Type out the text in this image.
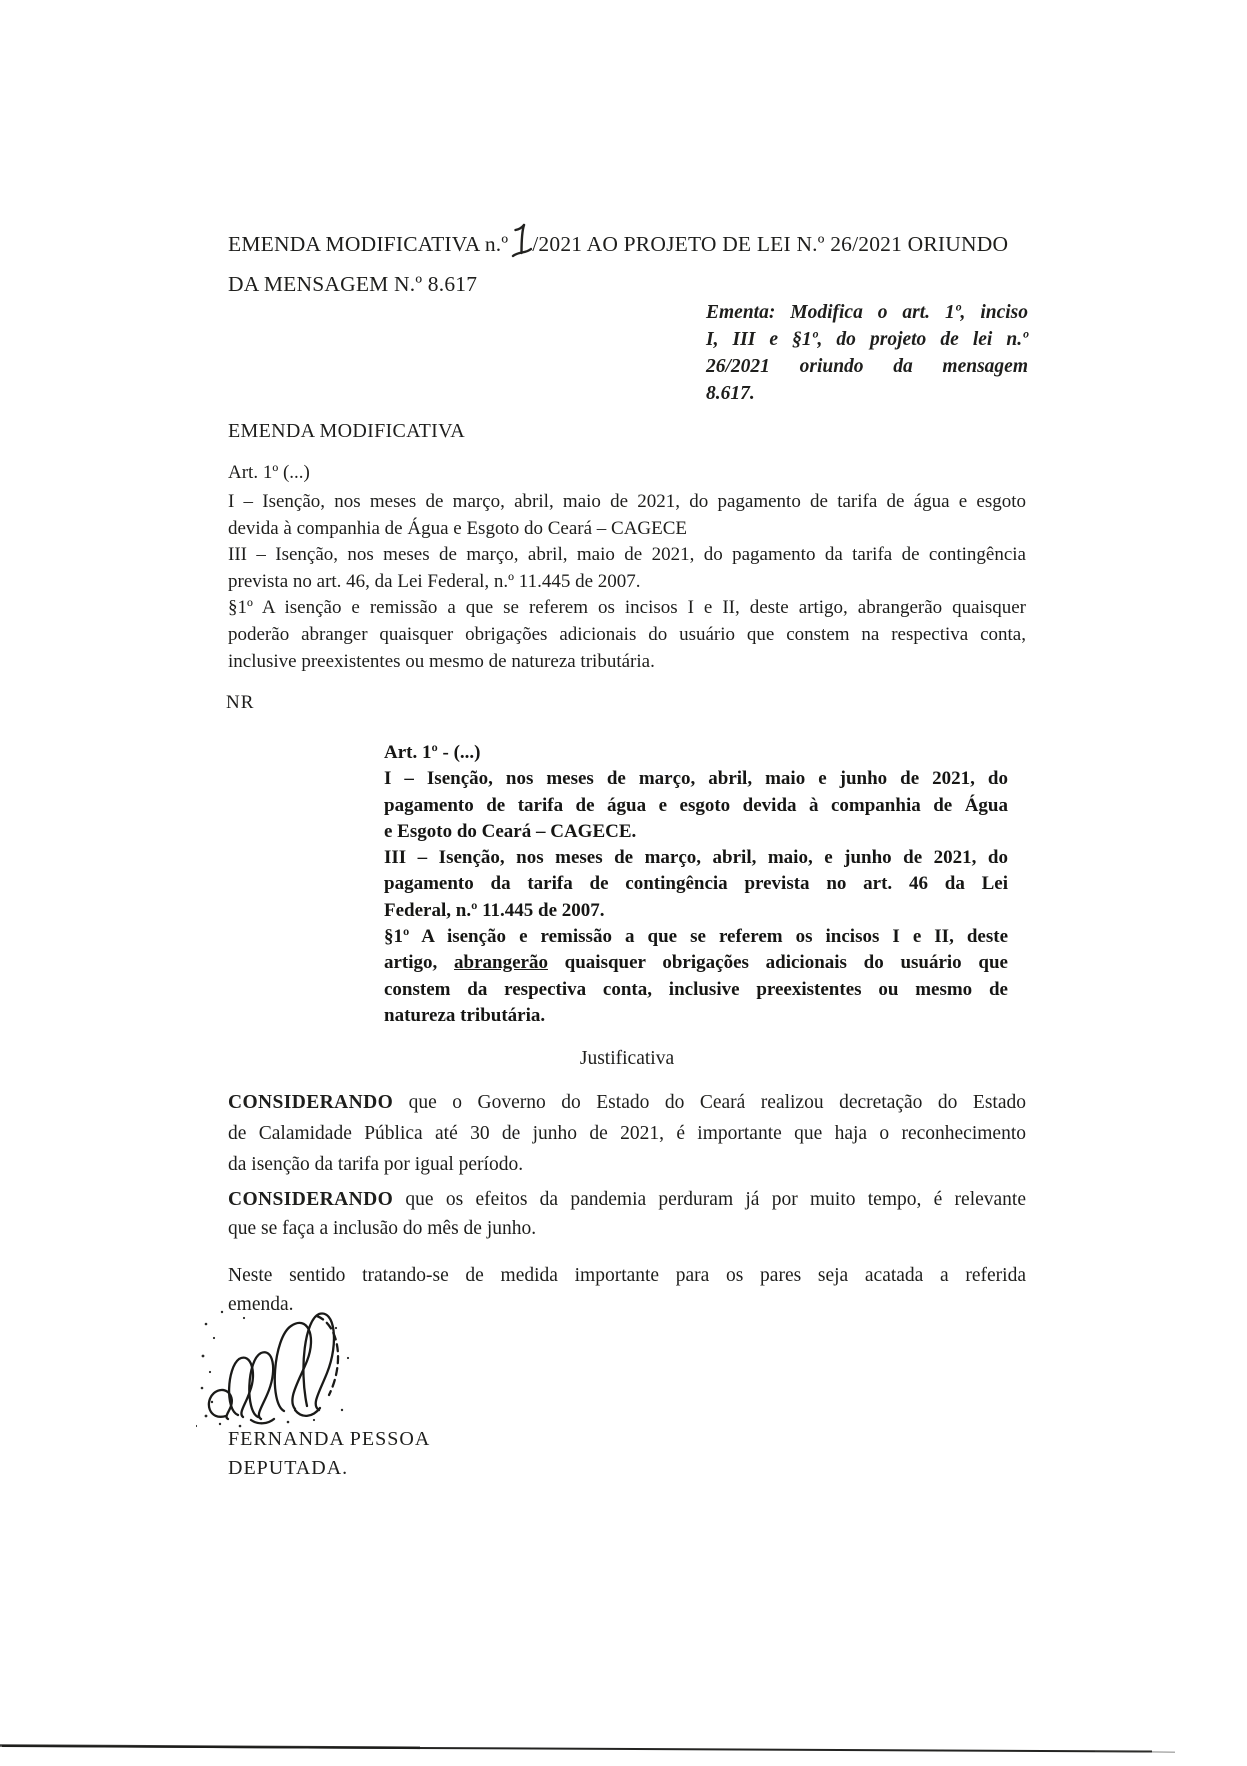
EMENDA MODIFICATIVA n.º /2021 AO PROJETO DE LEI N.º 26/2021 ORIUNDO
DA MENSAGEM N.º 8.617
Ementa: Modifica o art. 1º, inciso
I, III e §1º, do projeto de lei n.º
26/2021 oriundo da mensagem
8.617.
EMENDA MODIFICATIVA
Art. 1º (...)
I – Isenção, nos meses de março, abril, maio de 2021, do pagamento de tarifa de água e esgoto
devida à companhia de Água e Esgoto do Ceará – CAGECE
III – Isenção, nos meses de março, abril, maio de 2021, do pagamento da tarifa de contingência
prevista no art. 46, da Lei Federal, n.º 11.445 de 2007.
§1º A isenção e remissão a que se referem os incisos I e II, deste artigo, abrangerão quaisquer
poderão abranger quaisquer obrigações adicionais do usuário que constem na respectiva conta,
inclusive preexistentes ou mesmo de natureza tributária.
NR
Art. 1º - (...)
I – Isenção, nos meses de março, abril, maio e junho de 2021, do
pagamento de tarifa de água e esgoto devida à companhia de Água
e Esgoto do Ceará – CAGECE.
III – Isenção, nos meses de março, abril, maio, e junho de 2021, do
pagamento da tarifa de contingência prevista no art. 46 da Lei
Federal, n.º 11.445 de 2007.
§1º A isenção e remissão a que se referem os incisos I e II, deste
artigo, abrangerão quaisquer obrigações adicionais do usuário que
constem da respectiva conta, inclusive preexistentes ou mesmo de
natureza tributária.
Justificativa
CONSIDERANDO que o Governo do Estado do Ceará realizou decretação do Estado
de Calamidade Pública até 30 de junho de 2021, é importante que haja o reconhecimento
da isenção da tarifa por igual período.
CONSIDERANDO que os efeitos da pandemia perduram já por muito tempo, é relevante
que se faça a inclusão do mês de junho.
Neste sentido tratando-se de medida importante para os pares seja acatada a referida
emenda.
FERNANDA PESSOA
DEPUTADA.
